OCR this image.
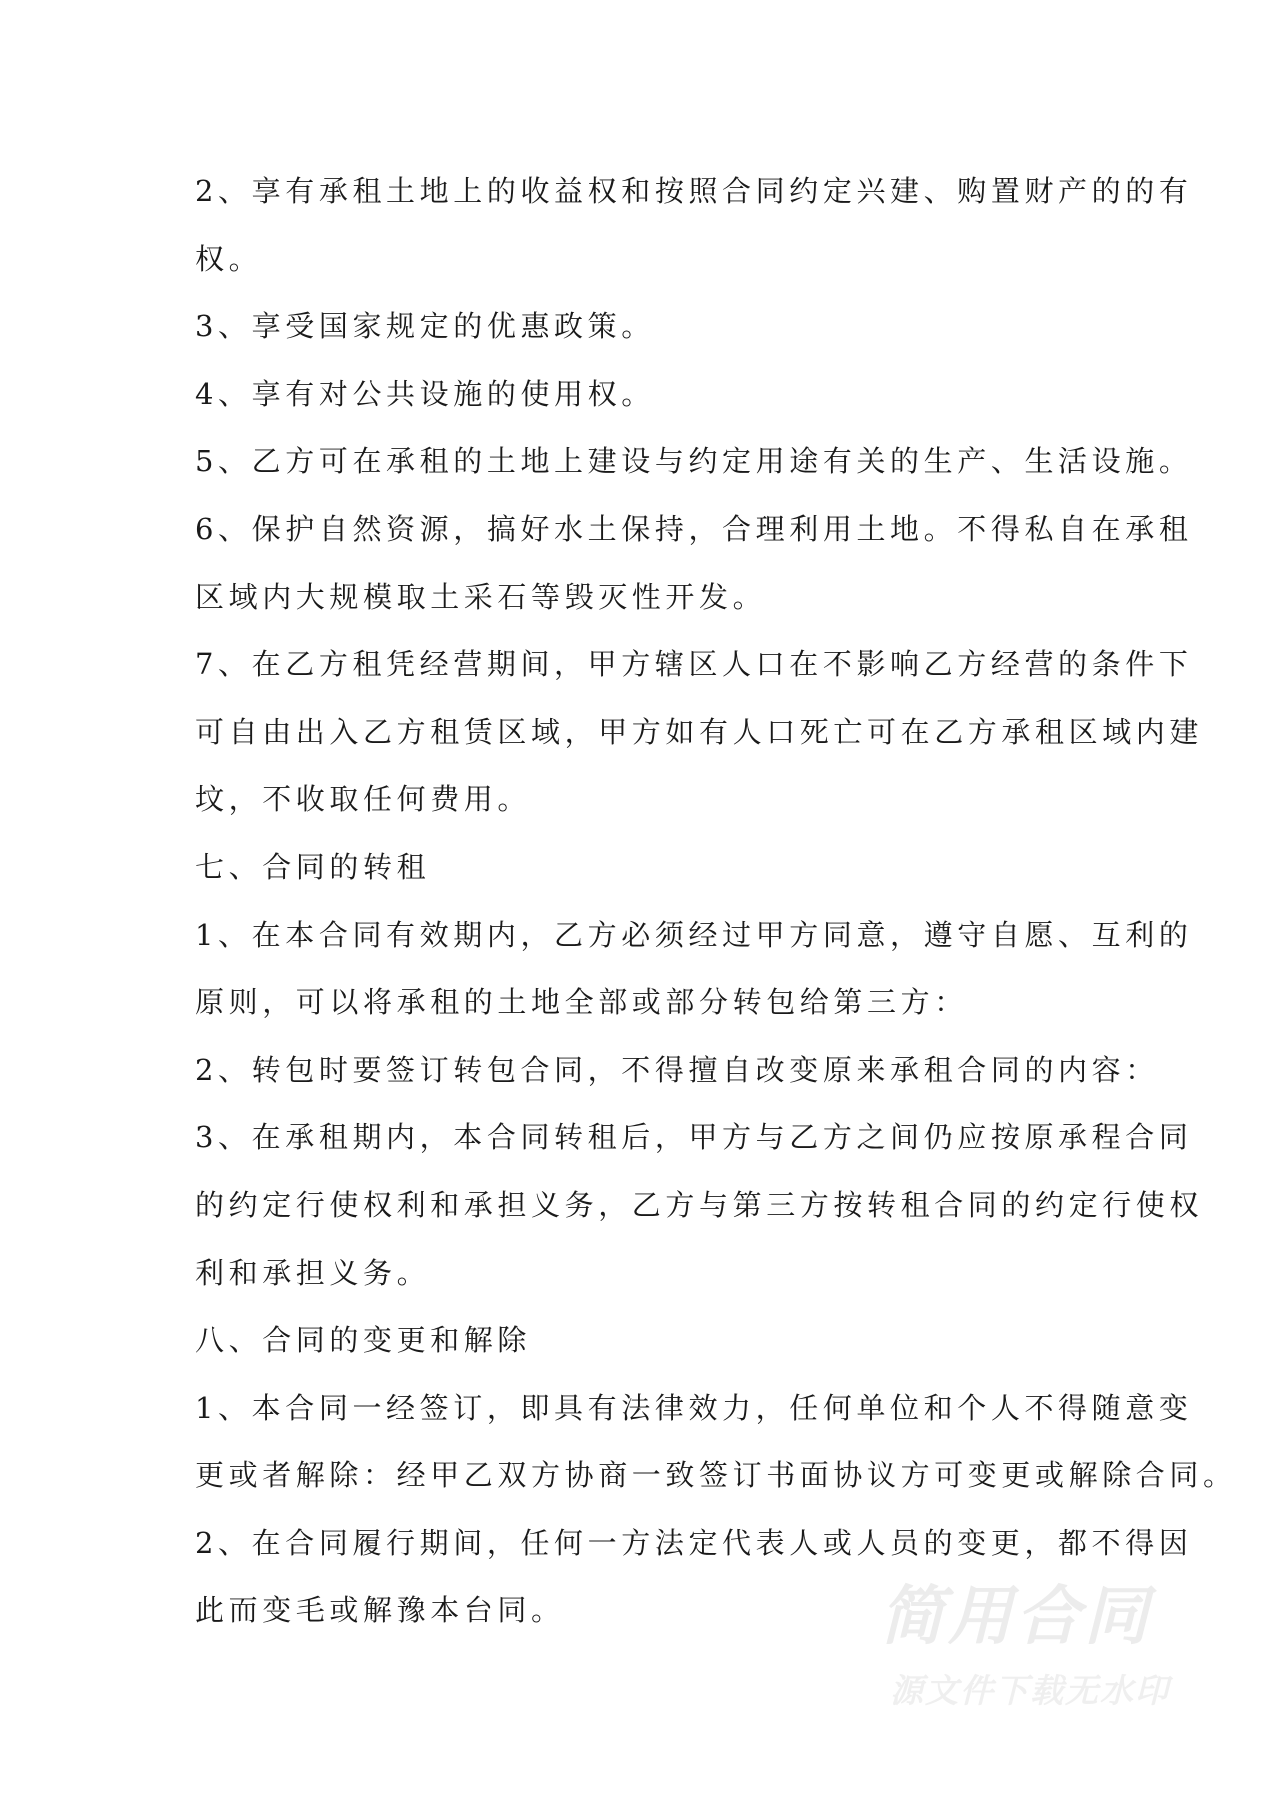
2、享有承租土地上的收益权和按照合同约定兴建、购置财产的的有
权。
3、享受国家规定的优惠政策。
4、享有对公共设施的使用权。
5、乙方可在承租的土地上建设与约定用途有关的生产、生活设施。
6、保护自然资源，搞好水土保持，合理利用土地。不得私自在承租
区域内大规模取土采石等毁灭性开发。
7、在乙方租凭经营期间，甲方辖区人口在不影响乙方经营的条件下
可自由出入乙方租赁区域，甲方如有人口死亡可在乙方承租区域内建
坟，不收取任何费用。
七、合同的转租
1、在本合同有效期内，乙方必须经过甲方同意，遵守自愿、互利的
原则，可以将承租的土地全部或部分转包给第三方：
2、转包时要签订转包合同，不得擅自改变原来承租合同的内容：
3、在承租期内，本合同转租后，甲方与乙方之间仍应按原承程合同
的约定行使权利和承担义务，乙方与第三方按转租合同的约定行使权
利和承担义务。
八、合同的变更和解除
1、本合同一经签订，即具有法律效力，任何单位和个人不得随意变
更或者解除：经甲乙双方协商一致签订书面协议方可变更或解除合同。
2、在合同履行期间，任何一方法定代表人或人员的变更，都不得因
此而变毛或解豫本台同。	简用合同
源文件下载无水印
